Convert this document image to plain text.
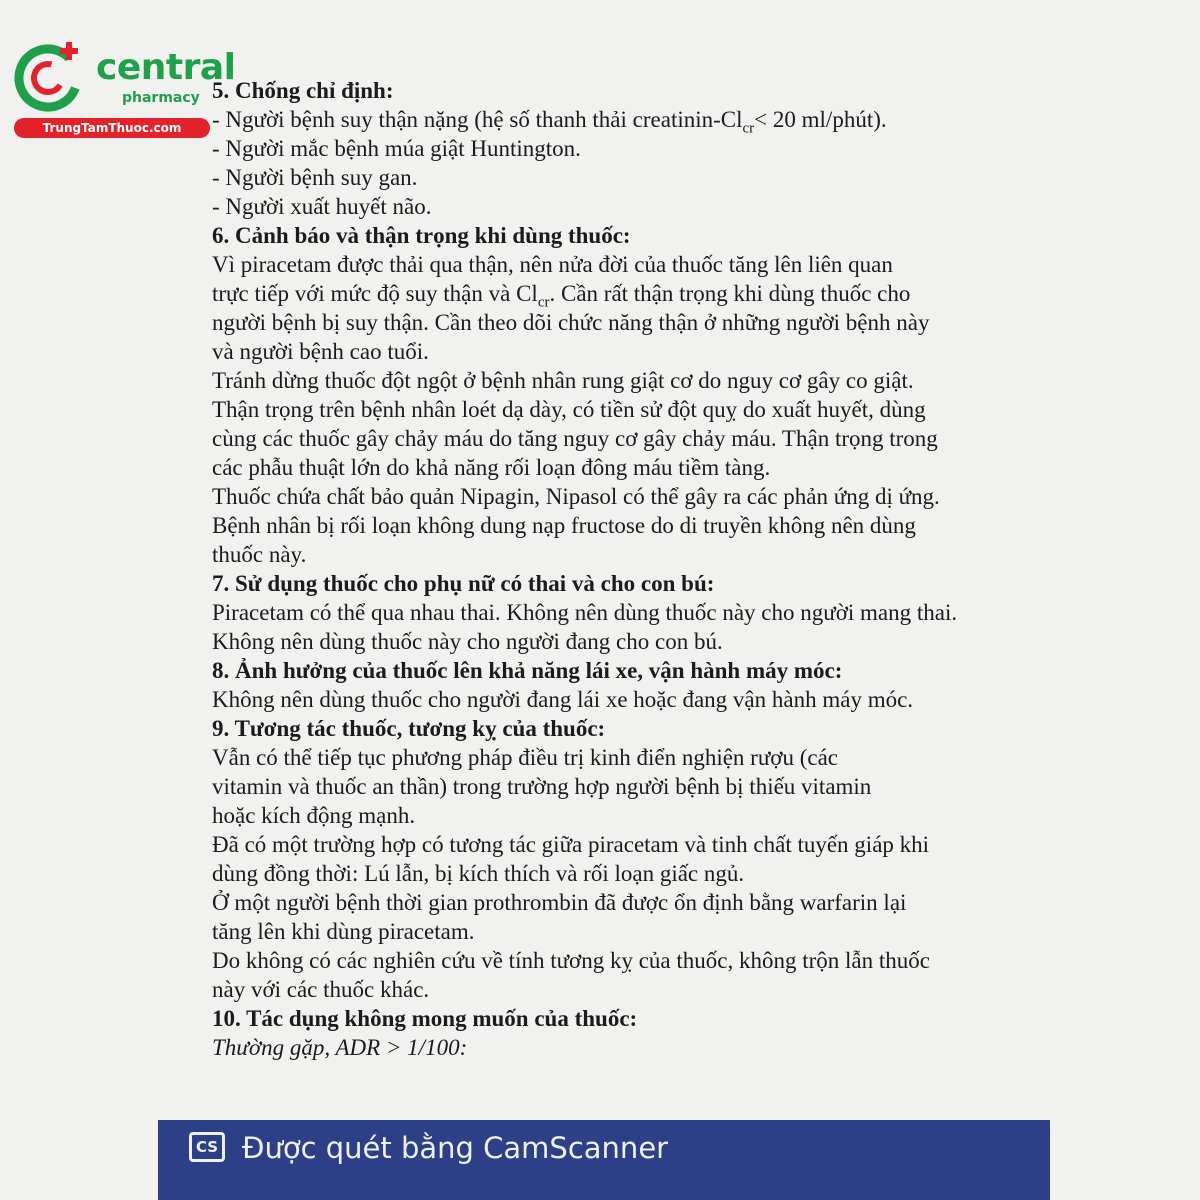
central

pharmacy
TrungTamThuoc.com

5. Chống chỉ định:

- Người bệnh suy thận nặng (hệ số thanh thải creatinin-$Cl_{cr}< 20$ ml/phút).

- Người mắc bệnh múa giật Huntington.

- Người bệnh suy gan.

- Người xuất huyết não.

6. Cảnh báo và thận trọng khi dùng thuốc:

Vì piracetam được thải qua thận, nên nửa đời của thuốc tăng lên liên quan

trực tiếp với mức độ suy thận và $Cl_{cr}$. Cần rất thận trọng khi dùng thuốc cho

người bệnh bị suy thận. Cần theo dõi chức năng thận ở những người bệnh này

và người bệnh cao tuổi.

Tránh dừng thuốc đột ngột ở bệnh nhân rung giật cơ do nguy cơ gây co giật.

Thận trọng trên bệnh nhân loét dạ dày, có tiền sử đột quỵ do xuất huyết, dùng

cùng các thuốc gây chảy máu do tăng nguy cơ gây chảy máu. Thận trọng trong

các phẫu thuật lớn do khả năng rối loạn đông máu tiềm tàng.

Thuốc chứa chất bảo quản Nipagin, Nipasol có thể gây ra các phản ứng dị ứng.

Bệnh nhân bị rối loạn không dung nạp fructose do di truyền không nên dùng

thuốc này.

7. Sử dụng thuốc cho phụ nữ có thai và cho con bú:

Piracetam có thể qua nhau thai. Không nên dùng thuốc này cho người mang thai.

Không nên dùng thuốc này cho người đang cho con bú.

8. Ảnh hưởng của thuốc lên khả năng lái xe, vận hành máy móc:

Không nên dùng thuốc cho người đang lái xe hoặc đang vận hành máy móc.

9. Tương tác thuốc, tương kỵ của thuốc:

Vẫn có thể tiếp tục phương pháp điều trị kinh điển nghiện rượu (các

vitamin và thuốc an thần) trong trường hợp người bệnh bị thiếu vitamin

hoặc kích động mạnh.

Đã có một trường hợp có tương tác giữa piracetam và tinh chất tuyến giáp khi

dùng đồng thời: Lú lẫn, bị kích thích và rối loạn giấc ngủ.

Ở một người bệnh thời gian prothrombin đã được ổn định bằng warfarin lại

tăng lên khi dùng piracetam.

Do không có các nghiên cứu về tính tương kỵ của thuốc, không trộn lẫn thuốc

này với các thuốc khác.

10. Tác dụng không mong muốn của thuốc:

Thường gặp, ADR > 1/100:

CS Được quét bằng CamScanner
